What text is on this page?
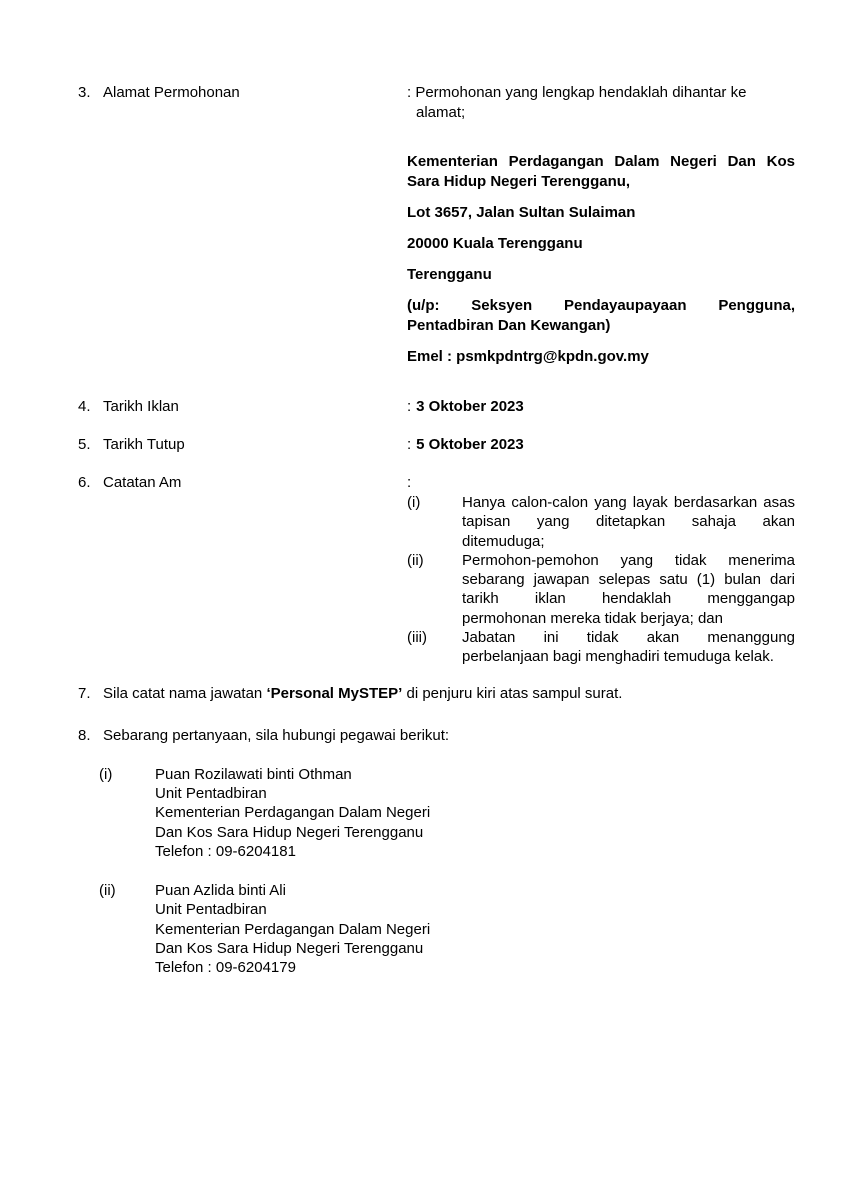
3. Alamat Permohonan	: Permohonan yang lengkap hendaklah dihantar ke
alamat;

Kementerian Perdagangan Dalam Negeri Dan Kos
Sara Hidup Negeri Terengganu,

Lot 3657, Jalan Sultan Sulaiman

20000 Kuala Terengganu

Terengganu

(u/p: Seksyen Pendayaupayaan Pengguna,
Pentadbiran Dan Kewangan)

Emel : psmkpdntrg@kpdn.gov.my

4. Tarikh Iklan	: 3 Oktober 2023
5. Tarikh Tutup	: 5 Oktober 2023
6. Catatan Am	:
(i)	Hanya calon-calon yang layak berdasarkan asas
tapisan yang ditetapkan sahaja akan
ditemuduga;
(ii)	Permohon-pemohon yang tidak menerima
sebarang jawapan selepas satu (1) bulan dari
tarikh iklan hendaklah menggangap
permohonan mereka tidak berjaya; dan
(iii)	Jabatan ini tidak akan menanggung
perbelanjaan bagi menghadiri temuduga kelak.
7. Sila catat nama jawatan ‘Personal MySTEP’ di penjuru kiri atas sampul surat.
8. Sebarang pertanyaan, sila hubungi pegawai berikut:
(i)	Puan Rozilawati binti Othman
Unit Pentadbiran
Kementerian Perdagangan Dalam Negeri
Dan Kos Sara Hidup Negeri Terengganu
Telefon : 09-6204181
(ii)	Puan Azlida binti Ali
Unit Pentadbiran
Kementerian Perdagangan Dalam Negeri
Dan Kos Sara Hidup Negeri Terengganu
Telefon : 09-6204179
